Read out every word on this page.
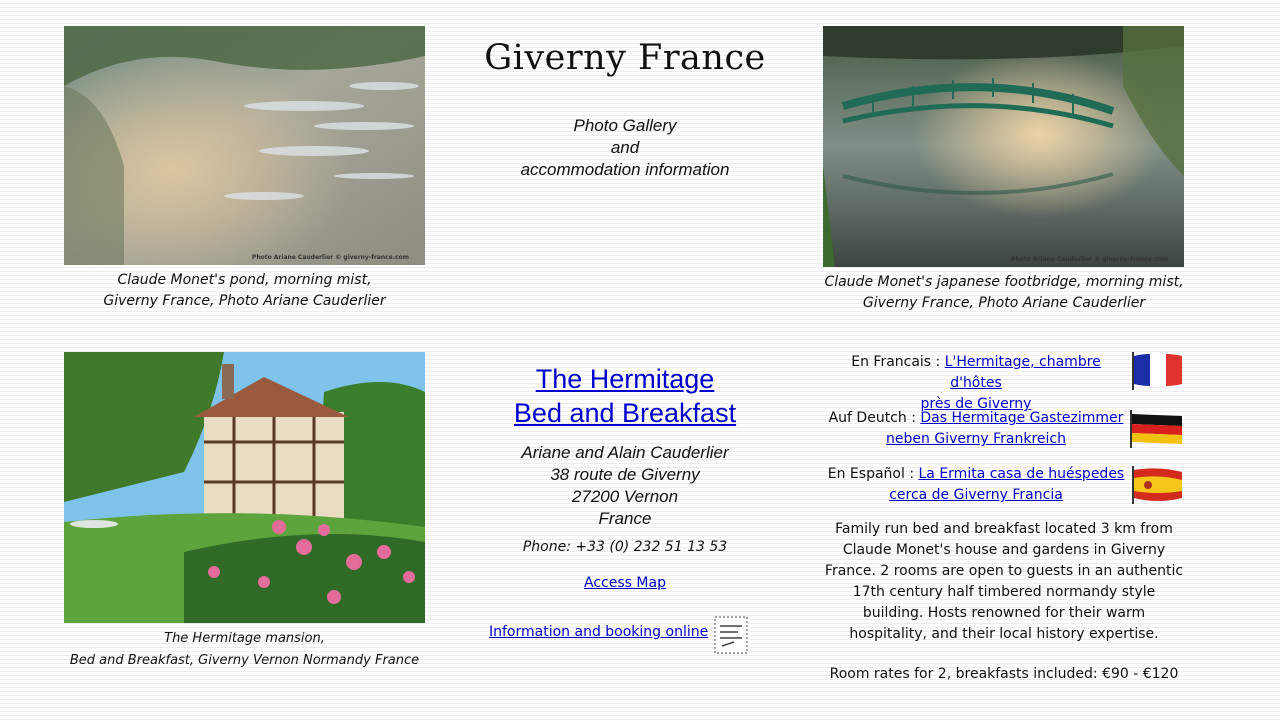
Photo Ariane Cauderlier © giverny-france.com
Claude Monet's pond, morning mist,
Giverny France, Photo Ariane Cauderlier
Giverny France
Photo Gallery
and
accommodation information
Photo Ariane Cauderlier © giverny-france.com
Claude Monet's japanese footbridge, morning mist,
Giverny France, Photo Ariane Cauderlier
The Hermitage mansion,
Bed and Breakfast, Giverny Vernon Normandy France
The Hermitage
Bed and Breakfast
Ariane and Alain Cauderlier
38 route de Giverny
27200 Vernon
France
Phone: +33 (0) 232 51 13 53
Access Map
Information and booking online
En Francais : L'Hermitage, chambre d'hôtes
près de Giverny
Auf Deutch : Das Hermitage Gastezimmer
neben Giverny Frankreich
En Español : La Ermita casa de huéspedes
cerca de Giverny Francia
Family run bed and breakfast located 3 km from Claude Monet's house and gardens in Giverny France. 2 rooms are open to guests in an authentic 17th century half timbered normandy style building. Hosts renowned for their warm hospitality, and their local history expertise.
Room rates for 2, breakfasts included: €90 - €120
